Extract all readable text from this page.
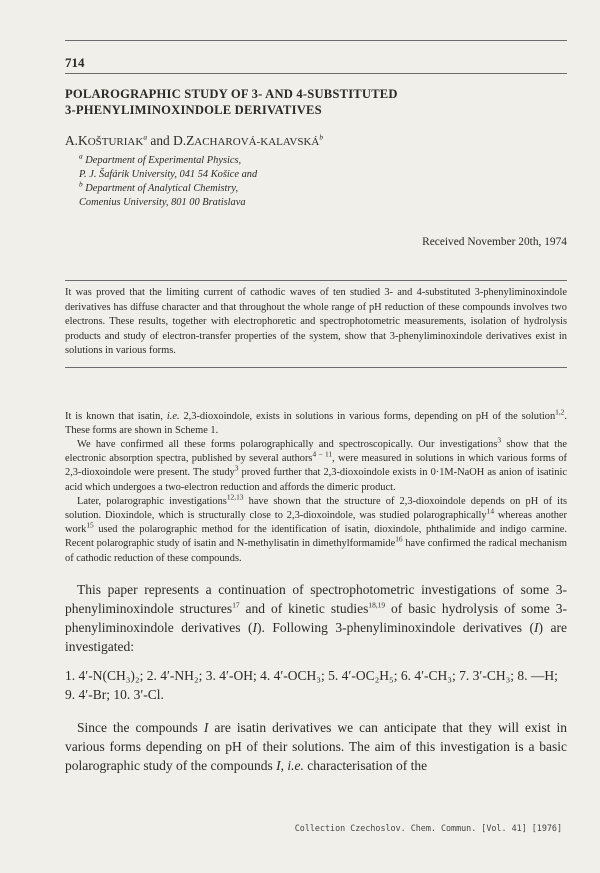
714
POLAROGRAPHIC STUDY OF 3- AND 4-SUBSTITUTED
3-PHENYLIMINOXINDOLE DERIVATIVES
A.KOŠTURIAK$^a$ and D.ZACHAROVÁ-KALAVSKÁ$^b$
$^a$ Department of Experimental Physics,
P. J. Šafárik University, 041 54 Košice and
$^b$ Department of Analytical Chemistry,
Comenius University, 801 00 Bratislava
Received November 20th, 1974
It was proved that the limiting current of cathodic waves of ten studied 3- and 4-substituted 3-phenyliminoxindole derivatives has diffuse character and that throughout the whole range of pH reduction of these compounds involves two electrons. These results, together with electrophoretic and spectrophotometric measurements, isolation of hydrolysis products and study of electron-transfer properties of the system, show that 3-phenyliminoxindole derivatives exist in solutions in various forms.

It is known that isatin, i.e. 2,3-dioxoindole, exists in solutions in various forms, depending on pH of the solution$^{1,2}$. These forms are shown in Scheme 1.

We have confirmed all these forms polarographically and spectroscopically. Our investigations$^3$ show that the electronic absorption spectra, published by several authors$^{4 - 11}$, were measured in solutions in which various forms of 2,3-dioxoindole were present. The study$^3$ proved further that 2,3-dioxoindole exists in 0·1M-NaOH as anion of isatinic acid which undergoes a two-electron reduction and affords the dimeric product.

Later, polarographic investigations$^{12,13}$ have shown that the structure of 2,3-dioxoindole depends on pH of its solution. Dioxindole, which is structurally close to 2,3-dioxoindole, was studied polarographically$^{14}$ whereas another work$^{15}$ used the polarographic method for the identification of isatin, dioxindole, phthalimide and indigo carmine. Recent polarographic study of isatin and N-methylisatin in dimethylformamide$^{16}$ have confirmed the radical mechanism of cathodic reduction of these compounds.

This paper represents a continuation of spectrophotometric investigations of some 3-phenyliminoxindole structures$^{17}$ and of kinetic studies$^{18,19}$ of basic hydrolysis of some 3-phenyliminoxindole derivatives (I). Following 3-phenyliminoxindole derivatives (I) are investigated:

1. 4′-N(CH₃)₂; 2. 4′-NH₂; 3. 4′-OH; 4. 4′-OCH₃; 5. 4′-OC₂H₅; 6. 4′-CH₃; 7. 3′-CH₃; 8. —H; 9. 4′-Br; 10. 3′-Cl.

Since the compounds I are isatin derivatives we can anticipate that they will exist in various forms depending on pH of their solutions. The aim of this investigation is a basic polarographic study of the compounds I, i.e. characterisation of the

Collection Czechoslov. Chem. Commun. [Vol. 41] [1976]
